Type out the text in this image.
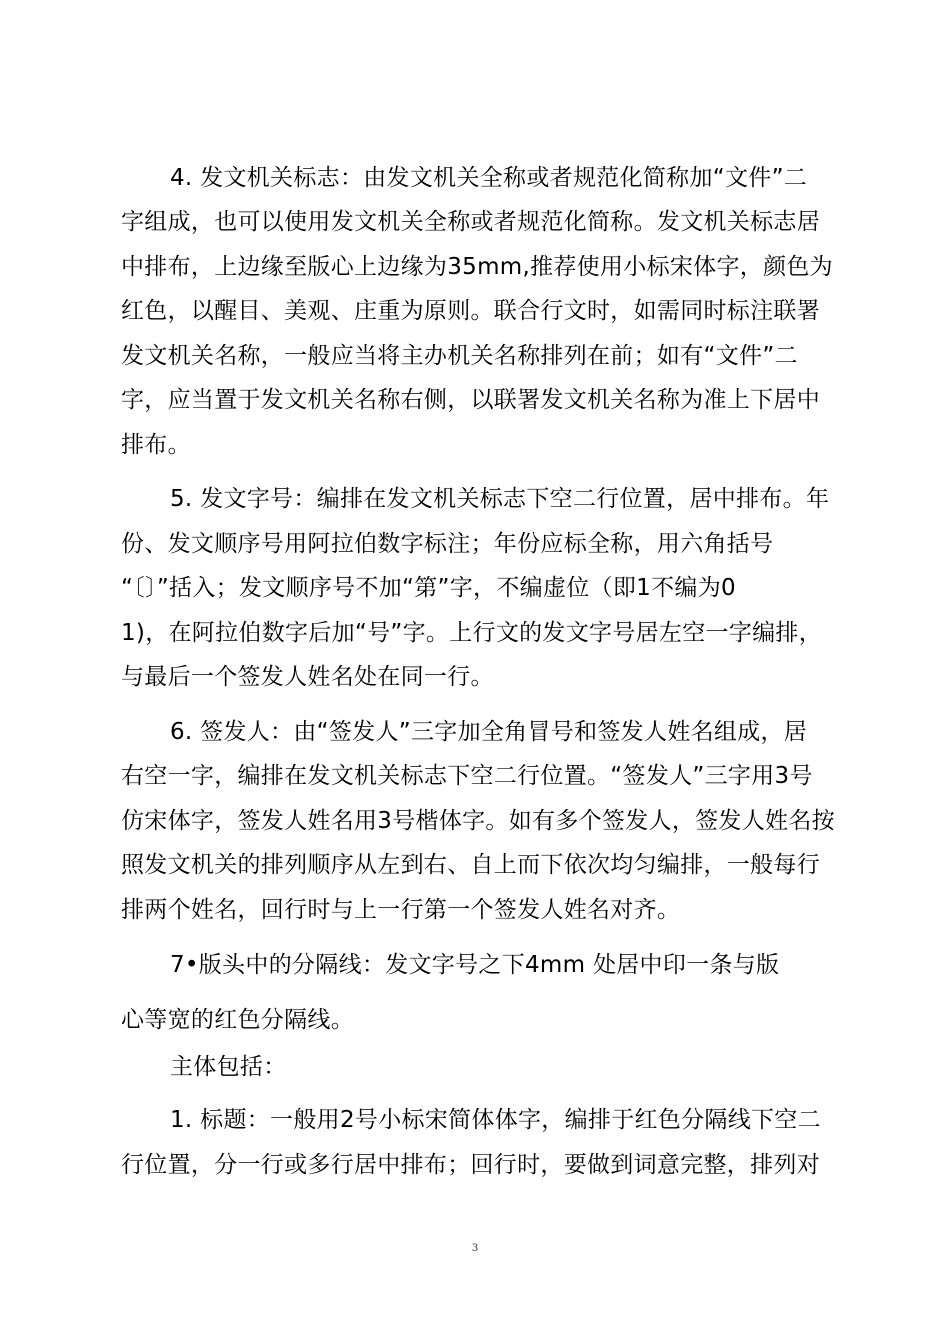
4. 发文机关标志：由发文机关全称或者规范化简称加“文件”二

字组成，也可以使用发文机关全称或者规范化简称。发文机关标志居

中排布，上边缘至版心上边缘为35mm,推荐使用小标宋体字，颜色为

红色，以醒目、美观、庄重为原则。联合行文时，如需同时标注联署

发文机关名称，一般应当将主办机关名称排列在前；如有“文件”二

字，应当置于发文机关名称右侧，以联署发文机关名称为准上下居中

排布。

5. 发文字号：编排在发文机关标志下空二行位置，居中排布。年

份、发文顺序号用阿拉伯数字标注；年份应标全称，用六角括号

“〔〕”括入；发文顺序号不加“第”字，不编虚位（即1不编为0

1)，在阿拉伯数字后加“号”字。上行文的发文字号居左空一字编排，

与最后一个签发人姓名处在同一行。

6. 签发人：由“签发人”三字加全角冒号和签发人姓名组成，居

右空一字，编排在发文机关标志下空二行位置。“签发人”三字用3号

仿宋体字，签发人姓名用3号楷体字。如有多个签发人，签发人姓名按

照发文机关的排列顺序从左到右、自上而下依次均匀编排，一般每行

排两个姓名，回行时与上一行第一个签发人姓名对齐。

7•版头中的分隔线：发文字号之下4mm 处居中印一条与版

心等宽的红色分隔线。

主体包括：

1. 标题：一般用2号小标宋简体体字，编排于红色分隔线下空二

行位置，分一行或多行居中排布；回行时，要做到词意完整，排列对

3
